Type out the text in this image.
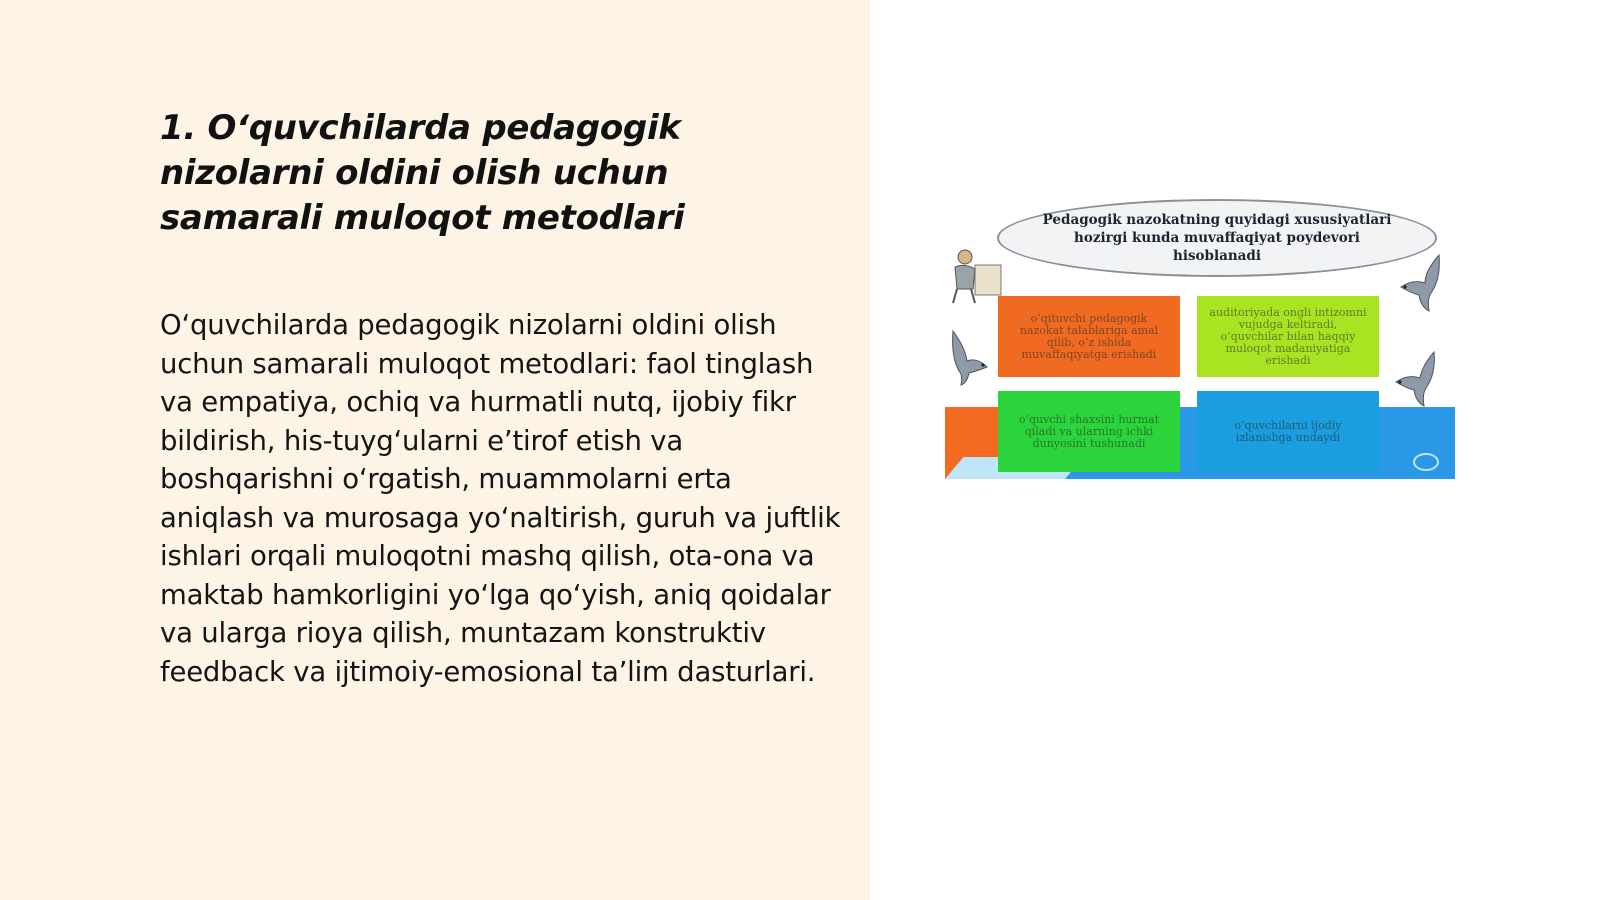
1. O‘quvchilarda pedagogik nizolarni oldini olish uchun samarali muloqot metodlari

O‘quvchilarda pedagogik nizolarni oldini olish uchun samarali muloqot metodlari: faol tinglash va empatiya, ochiq va hurmatli nutq, ijobiy fikr bildirish, his-tuyg‘ularni e’tirof etish va boshqarishni o‘rgatish, muammolarni erta aniqlash va murosaga yo‘naltirish, guruh va juftlik ishlari orqali muloqotni mashq qilish, ota-ona va maktab hamkorligini yo‘lga qo‘yish, aniq qoidalar va ularga rioya qilish, muntazam konstruktiv feedback va ijtimoiy-emosional ta’lim dasturlari.

Pedagogik nazokatning quyidagi xususiyatlari hozirgi kunda muvaffaqiyat poydevori hisoblanadi
o‘qituvchi pedagogik nazokat talablariga amal qilib, o‘z ishida muvaffaqiyatga erishadi
auditoriyada ongli intizomni vujudga keltiradi, o‘quvchilar bilan haqqiy muloqot madaniyatiga erishadi
o‘quvchi shaxsini hurmat qiladi va ularning ichki dunyosini tushunadi
o‘quvchilarni ijodiy izlanishga undaydi
